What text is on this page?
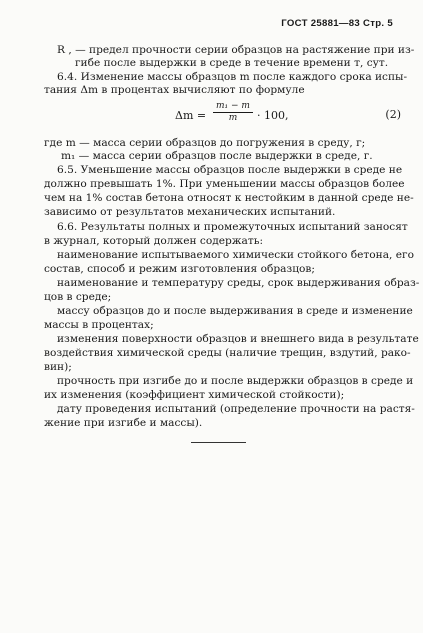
ГОСТ 25881—83 Стр. 5
R , — предел прочности серии образцов на растяжение при из-
гибе после выдержки в среде в течение времени т, сут.
6.4. Изменение массы образцов m после каждого срока испы-
тания Δm в процентах вычисляют по формуле
$\Delta m = \frac{\text{m₁ − m}}{m} \cdot 100$,	(2)
где m — масса серии образцов до погружения в среду, г;
m₁ — масса серии образцов после выдержки в среде, г.
6.5. Уменьшение массы образцов после выдержки в среде не
должно превышать 1%. При уменьшении массы образцов более
чем на 1% состав бетона относят к нестойким в данной среде не-
зависимо от результатов механических испытаний.
6.6. Результаты полных и промежуточных испытаний заносят
в журнал, который должен содержать:
наименование испытываемого химически стойкого бетона, его
состав, способ и режим изготовления образцов;
наименование и температуру среды, срок выдерживания образ-
цов в среде;
массу образцов до и после выдерживания в среде и изменение
массы в процентах;
изменения поверхности образцов и внешнего вида в результате
воздействия химической среды (наличие трещин, вздутий, рако-
вин);
прочность при изгибе до и после выдержки образцов в среде и
их изменения (коэффициент химической стойкости);
дату проведения испытаний (определение прочности на растя-
жение при изгибе и массы).
